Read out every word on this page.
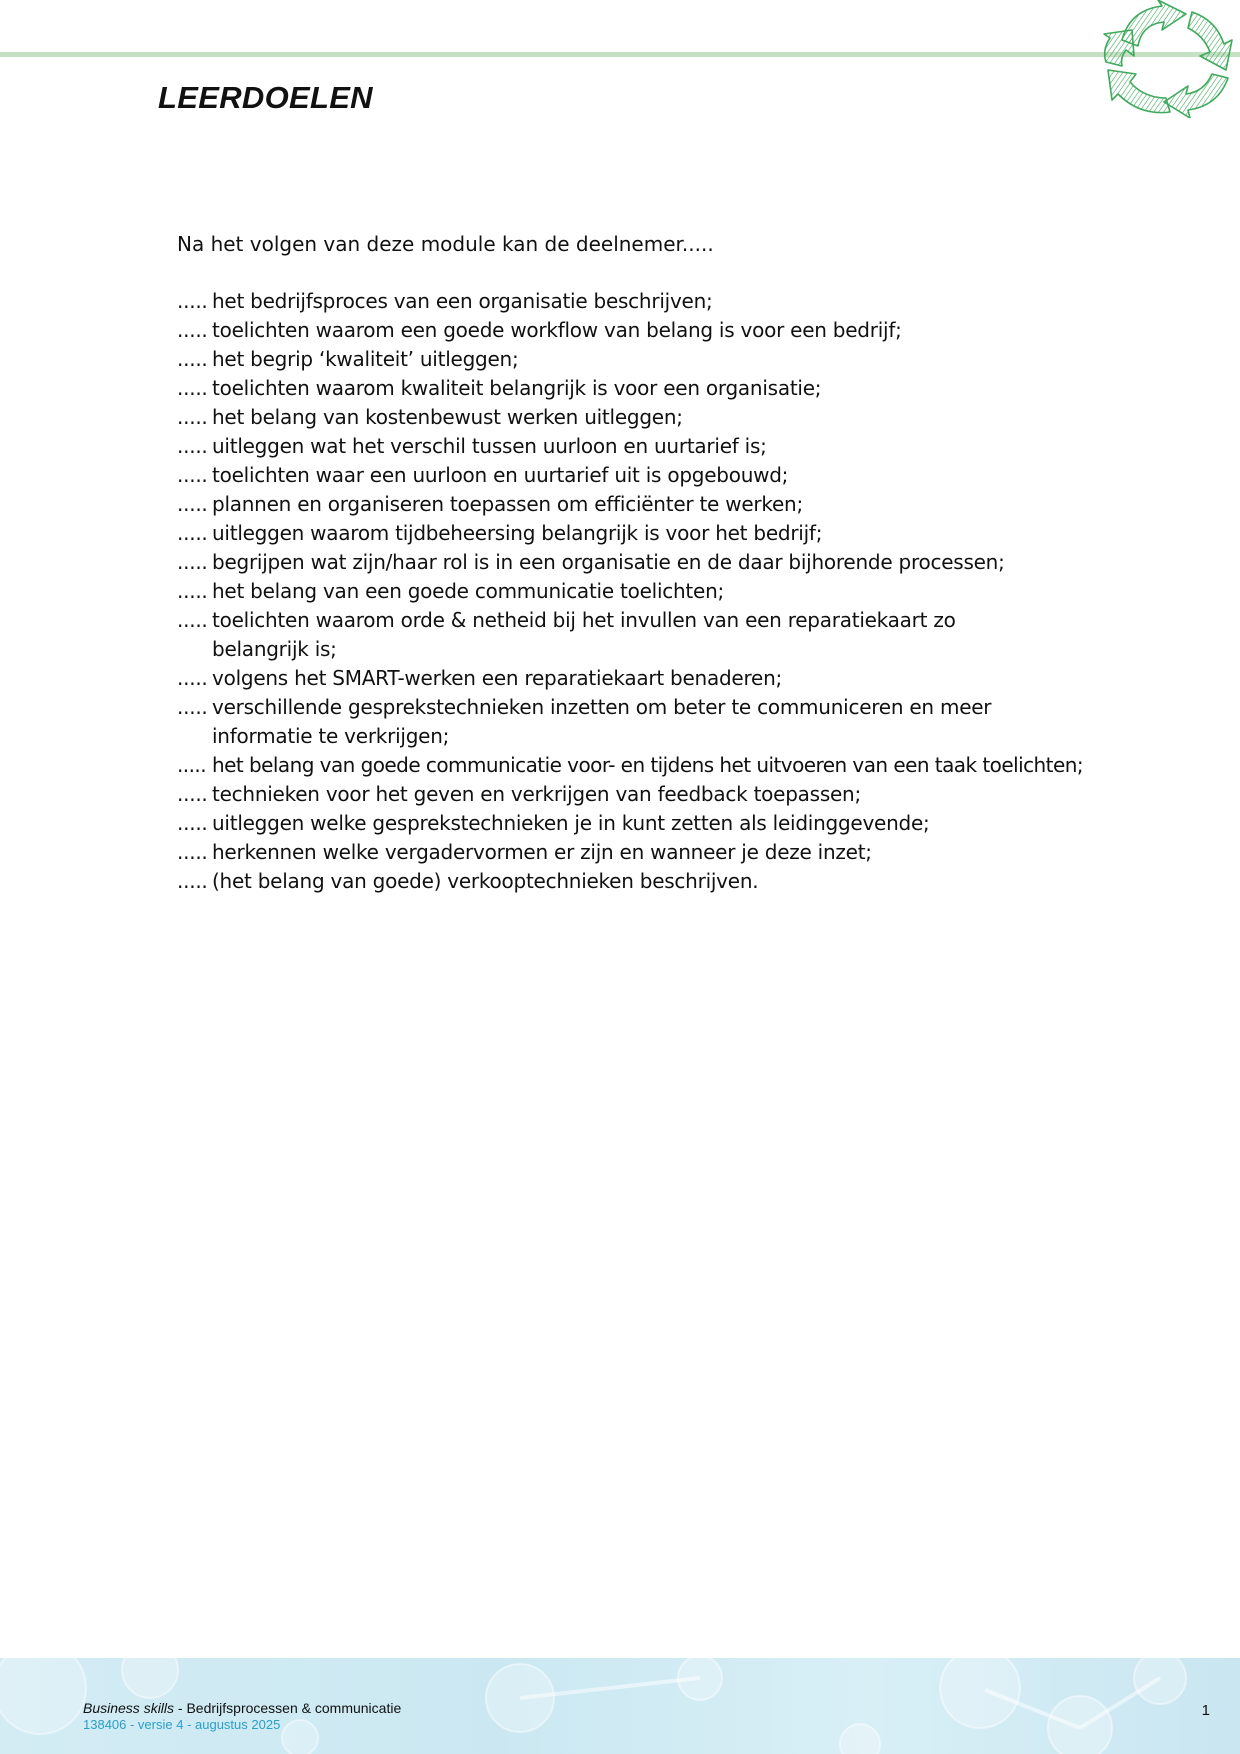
LEERDOELEN

Na het volgen van deze module kan de deelnemer.....

..... het bedrijfsproces van een organisatie beschrijven;
..... toelichten waarom een goede workflow van belang is voor een bedrijf;
..... het begrip ‘kwaliteit’ uitleggen;
..... toelichten waarom kwaliteit belangrijk is voor een organisatie;
..... het belang van kostenbewust werken uitleggen;
..... uitleggen wat het verschil tussen uurloon en uurtarief is;
..... toelichten waar een uurloon en uurtarief uit is opgebouwd;
..... plannen en organiseren toepassen om efficiënter te werken;
..... uitleggen waarom tijdbeheersing belangrijk is voor het bedrijf;
..... begrijpen wat zijn/haar rol is in een organisatie en de daar bijhorende processen;
..... het belang van een goede communicatie toelichten;
..... toelichten waarom orde & netheid bij het invullen van een reparatiekaart zo belangrijk is;
..... volgens het SMART-werken een reparatiekaart benaderen;
..... verschillende gesprekstechnieken inzetten om beter te communiceren en meer informatie te verkrijgen;
..... het belang van goede communicatie voor- en tijdens het uitvoeren van een taak toelichten;
..... technieken voor het geven en verkrijgen van feedback toepassen;
..... uitleggen welke gesprekstechnieken je in kunt zetten als leidinggevende;
..... herkennen welke vergadervormen er zijn en wanneer je deze inzet;
..... (het belang van goede) verkooptechnieken beschrijven.
Business skills - Bedrijfsprocessen & communicatie
138406 - versie 4 - augustus 2025
1
